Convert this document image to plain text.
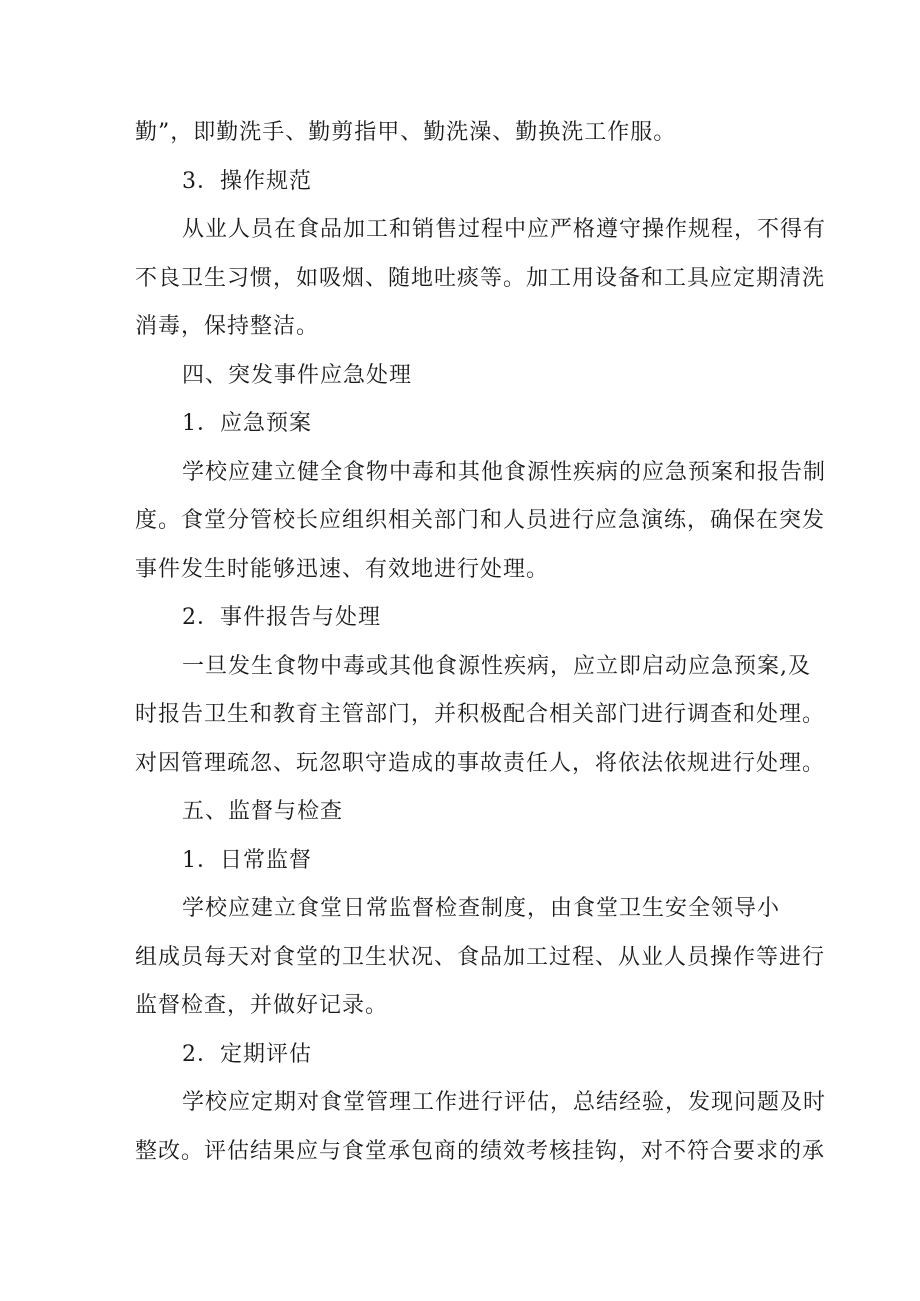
勤”，即勤洗手、勤剪指甲、勤洗澡、勤换洗工作服。

3．操作规范

从业人员在食品加工和销售过程中应严格遵守操作规程，不得有

不良卫生习惯，如吸烟、随地吐痰等。加工用设备和工具应定期清洗

消毒，保持整洁。

四、突发事件应急处理

1．应急预案

学校应建立健全食物中毒和其他食源性疾病的应急预案和报告制

度。食堂分管校长应组织相关部门和人员进行应急演练，确保在突发

事件发生时能够迅速、有效地进行处理。

2．事件报告与处理

一旦发生食物中毒或其他食源性疾病，应立即启动应急预案,及

时报告卫生和教育主管部门，并积极配合相关部门进行调查和处理。

对因管理疏忽、玩忽职守造成的事故责任人，将依法依规进行处理。

五、监督与检查

1．日常监督

学校应建立食堂日常监督检查制度，由食堂卫生安全领导小

组成员每天对食堂的卫生状况、食品加工过程、从业人员操作等进行

监督检查，并做好记录。

2．定期评估

学校应定期对食堂管理工作进行评估，总结经验，发现问题及时

整改。评估结果应与食堂承包商的绩效考核挂钩，对不符合要求的承
